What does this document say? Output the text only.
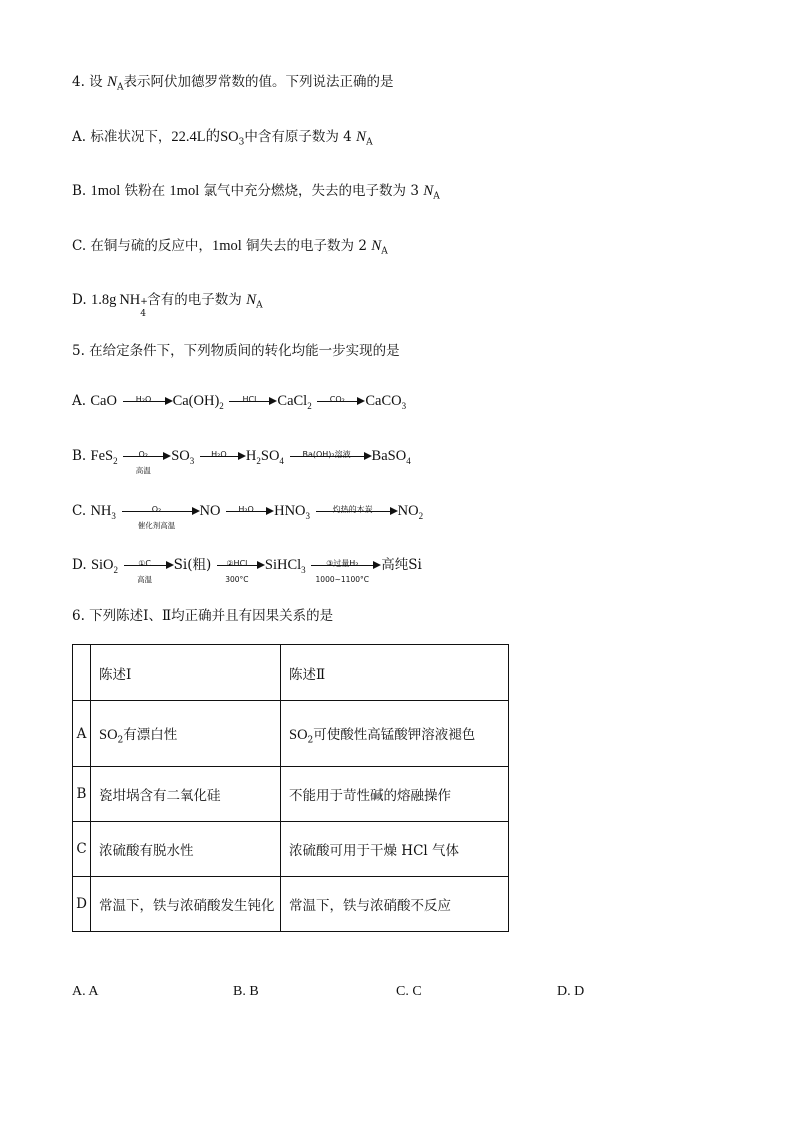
4. 设 $N_A$表示阿伏加德罗常数的值。下列说法正确的是
A. 标准状况下，22.4L的$SO_3$中含有原子数为 4 $N_A$
B. 1mol 铁粉在 1mol 氯气中充分燃烧，失去的电子数为 3 $N_A$
C. 在铜与硫的反应中，1mol 铜失去的电子数为 2 $N_A$
D. 1.8g NH +
4
含有的电子数为 $N_A$
5. 在给定条件下，下列物质间的转化均能一步实现的是
A. CaO	H₂O	$Ca(OH)_2$
HCl	CaCl$_2$
CO₂	CaCO$_3$
B. FeS$_2$
O₂
高温
$SO_3$
H₂O	$H_2SO_4$
Ba(OH)₂溶液	BaSO$_4$
C. $NH_3$
O₂
催化剂高温
NO	H₂O	$HNO_3$
灼热的木炭	$NO_2$
D. SiO$_2$
①C
高温
Si(粗)	②HCl
300°C
SiHCl$_3$
③过量H₂
1000~1100°C
高纯Si
6. 下列陈述Ⅰ、Ⅱ均正确并且有因果关系的是
	陈述Ⅰ	陈述Ⅱ
A	$SO_2$有漂白性	$SO_2$可使酸性高锰酸钾溶液褪色
B	瓷坩埚含有二氧化硅	不能用于苛性碱的熔融操作
C	浓硫酸有脱水性	浓硫酸可用于干燥 HCl 气体
D	常温下，铁与浓硝酸发生钝化	常温下，铁与浓硝酸不反应
A. A	B. B	C. C	D. D
